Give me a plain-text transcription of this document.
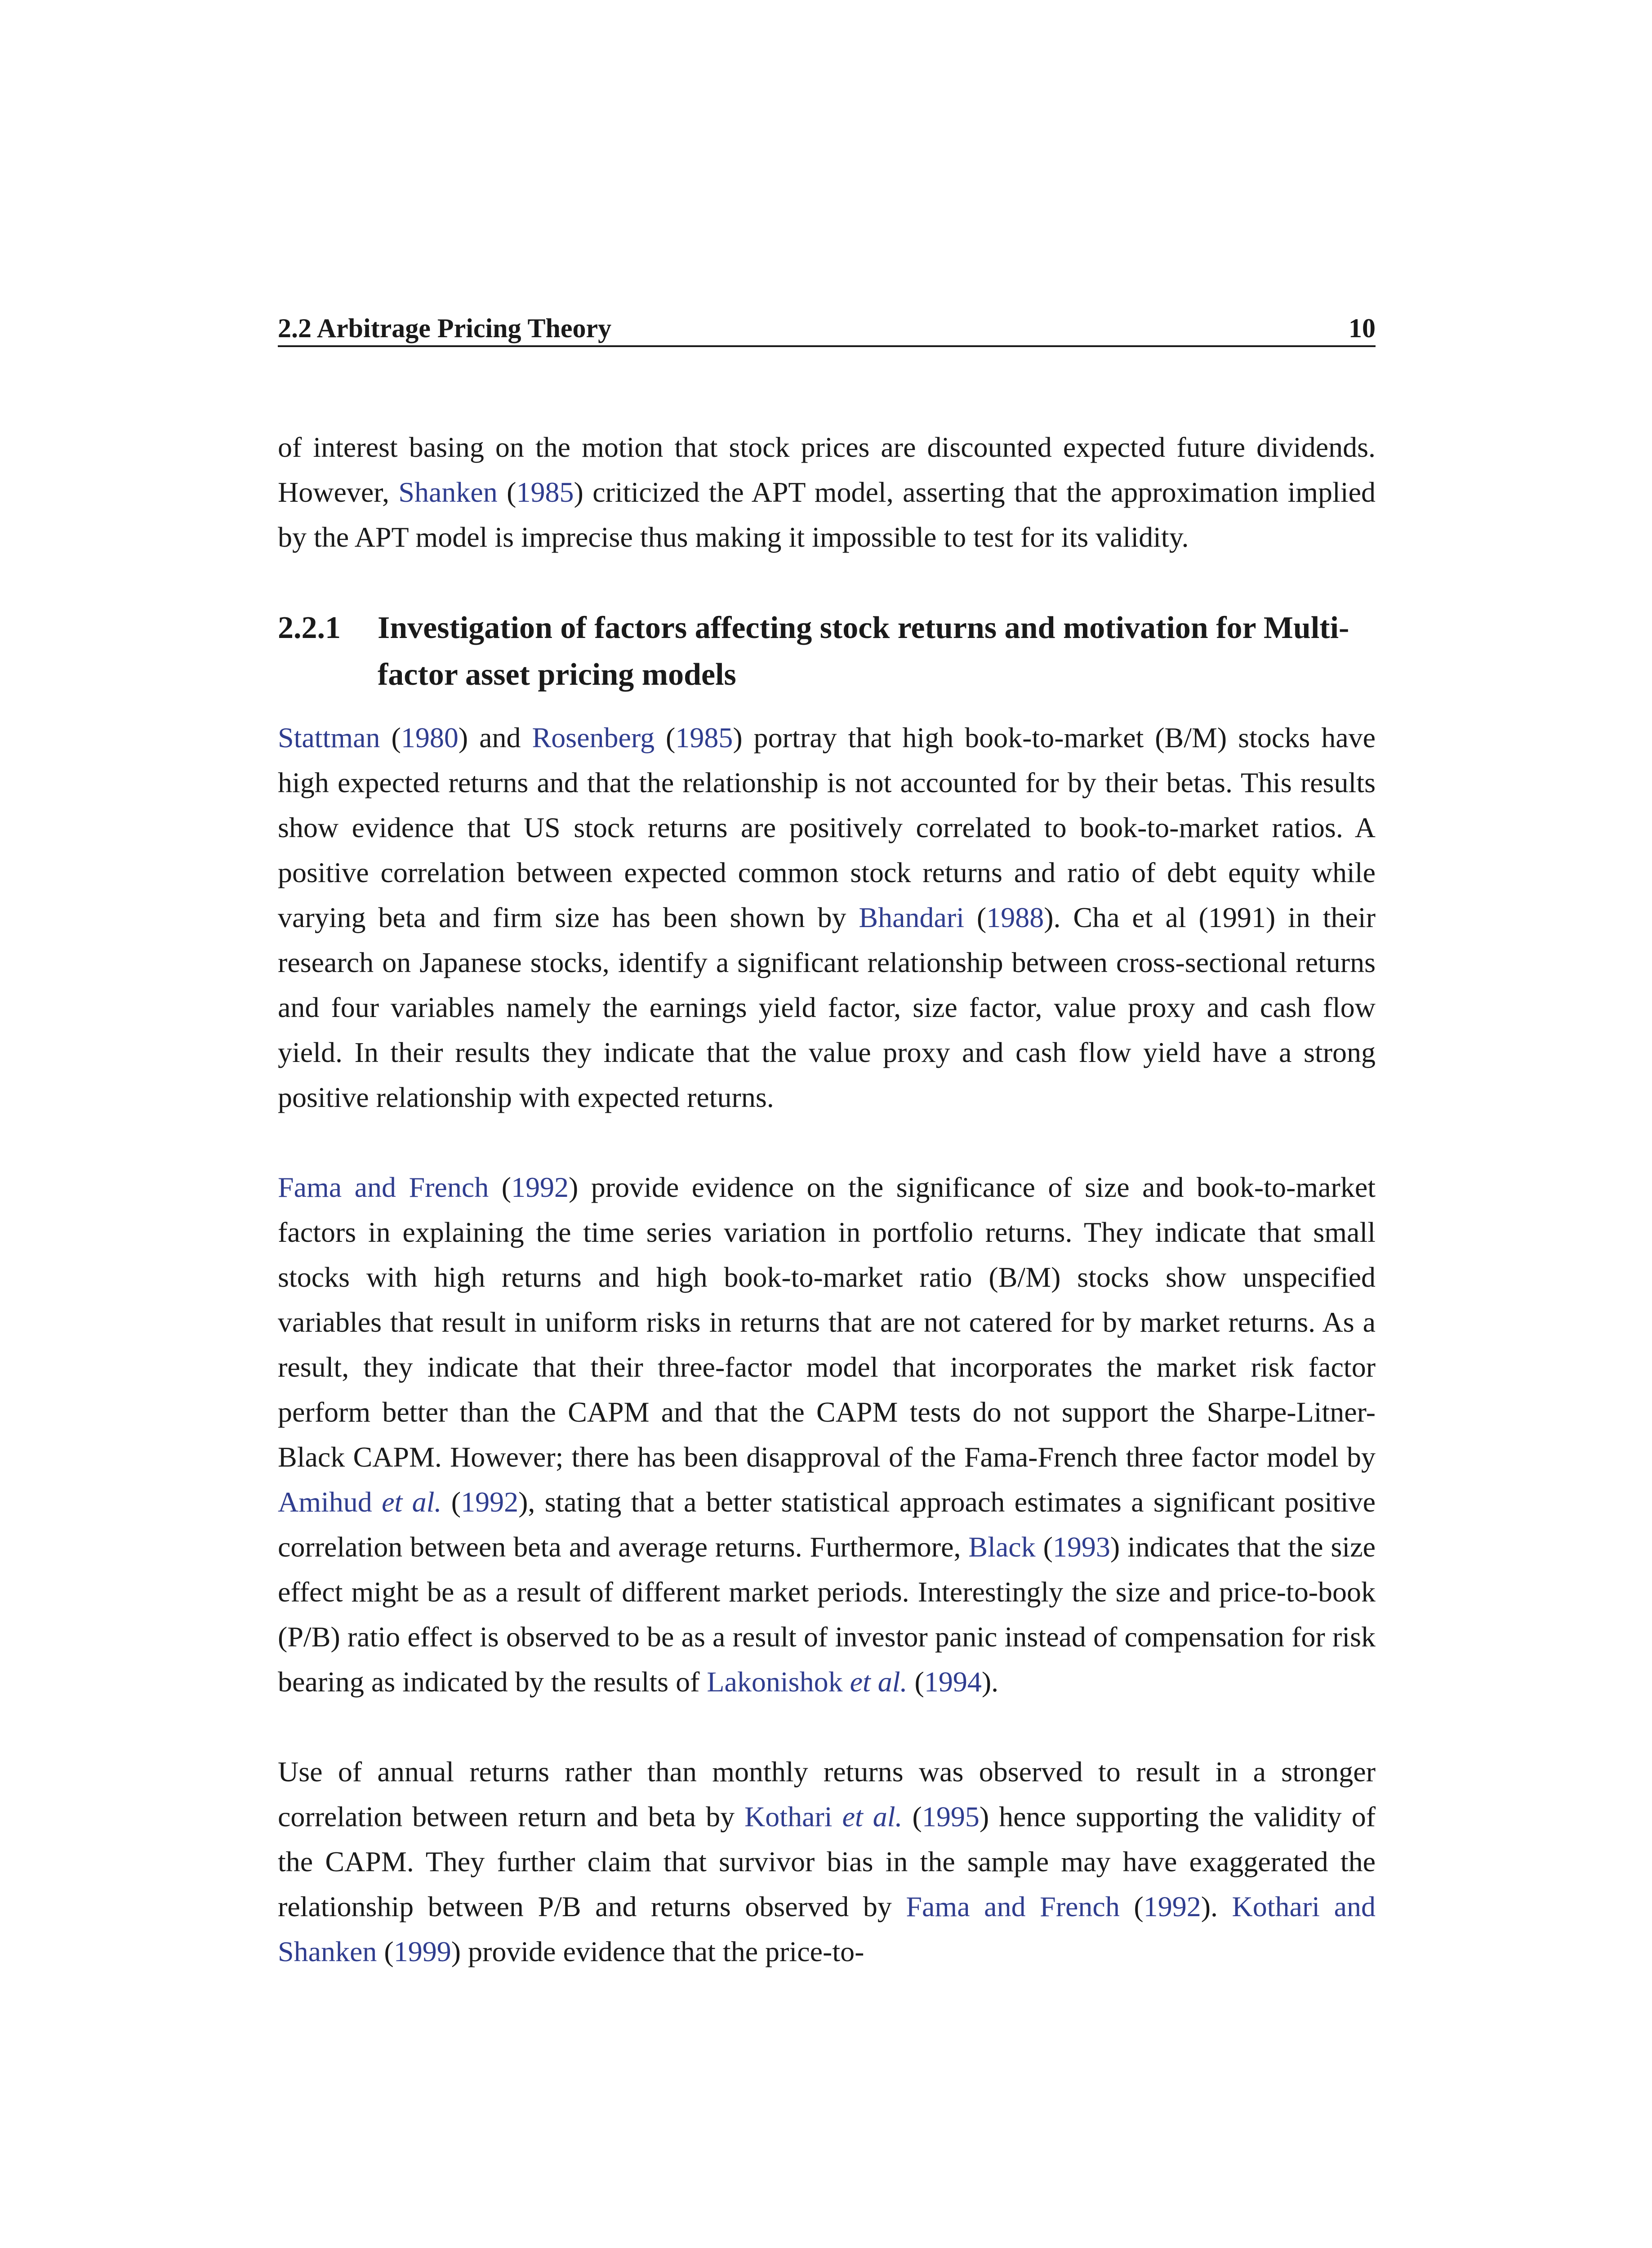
2.2 Arbitrage Pricing Theory	10

of interest basing on the motion that stock prices are discounted expected future dividends. However, Shanken (1985) criticized the APT model, asserting that the approximation implied by the APT model is imprecise thus making it impossible to test for its validity.

2.2.1 Investigation of factors affecting stock returns and motivation for Multi-factor asset pricing models

Stattman (1980) and Rosenberg (1985) portray that high book-to-market (B/M) stocks have high expected returns and that the relationship is not accounted for by their betas. This results show evidence that US stock returns are positively correlated to book-to-market ratios. A positive correlation between expected common stock returns and ratio of debt equity while varying beta and firm size has been shown by Bhandari (1988). Cha et al (1991) in their research on Japanese stocks, identify a significant relationship between cross-sectional returns and four variables namely the earnings yield factor, size factor, value proxy and cash flow yield. In their results they indicate that the value proxy and cash flow yield have a strong positive relationship with expected returns.

Fama and French (1992) provide evidence on the significance of size and book-to-market factors in explaining the time series variation in portfolio returns. They indicate that small stocks with high returns and high book-to-market ratio (B/M) stocks show unspecified variables that result in uniform risks in returns that are not catered for by market returns. As a result, they indicate that their three-factor model that incorporates the market risk factor perform better than the CAPM and that the CAPM tests do not support the Sharpe-Litner-Black CAPM. However; there has been disapproval of the Fama-French three factor model by Amihud et al. (1992), stating that a better statistical approach estimates a significant positive correlation between beta and average returns. Furthermore, Black (1993) indicates that the size effect might be as a result of different market periods. Interestingly the size and price-to-book (P/B) ratio effect is observed to be as a result of investor panic instead of compensation for risk bearing as indicated by the results of Lakonishok et al. (1994).

Use of annual returns rather than monthly returns was observed to result in a stronger correlation between return and beta by Kothari et al. (1995) hence supporting the validity of the CAPM. They further claim that survivor bias in the sample may have exaggerated the relationship between P/B and returns observed by Fama and French (1992). Kothari and Shanken (1999) provide evidence that the price-to-
